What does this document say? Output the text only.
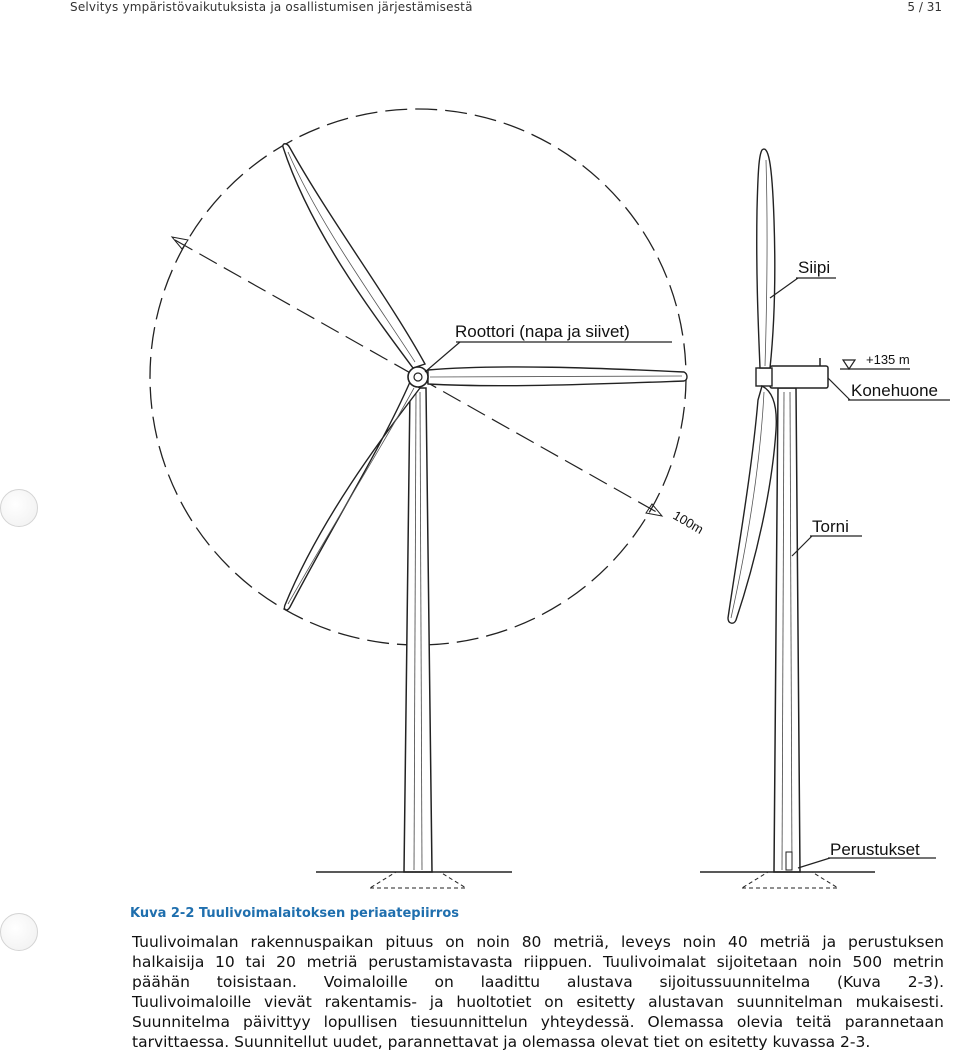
Selvitys ympäristövaikutuksista ja osallistumisen järjestämisestä	5 / 31
Siipi
Roottori (napa ja siivet)
+135 m
Konehuone
100m	Torni
Perustukset
Kuva 2-2 Tuulivoimalaitoksen periaatepiirros
Tuulivoimalan rakennuspaikan pituus on noin 80 metriä, leveys noin 40 metriä ja perustuksen
halkaisija 10 tai 20 metriä perustamistavasta riippuen. Tuulivoimalat sijoitetaan noin 500 metrin
päähän toisistaan. Voimaloille on laadittu alustava sijoitussuunnitelma (Kuva 2-3).
Tuulivoimaloille vievät rakentamis- ja huoltotiet on esitetty alustavan suunnitelman mukaisesti.
Suunnitelma päivittyy lopullisen tiesuunnittelun yhteydessä. Olemassa olevia teitä parannetaan
tarvittaessa. Suunnitellut uudet, parannettavat ja olemassa olevat tiet on esitetty kuvassa 2-3.
